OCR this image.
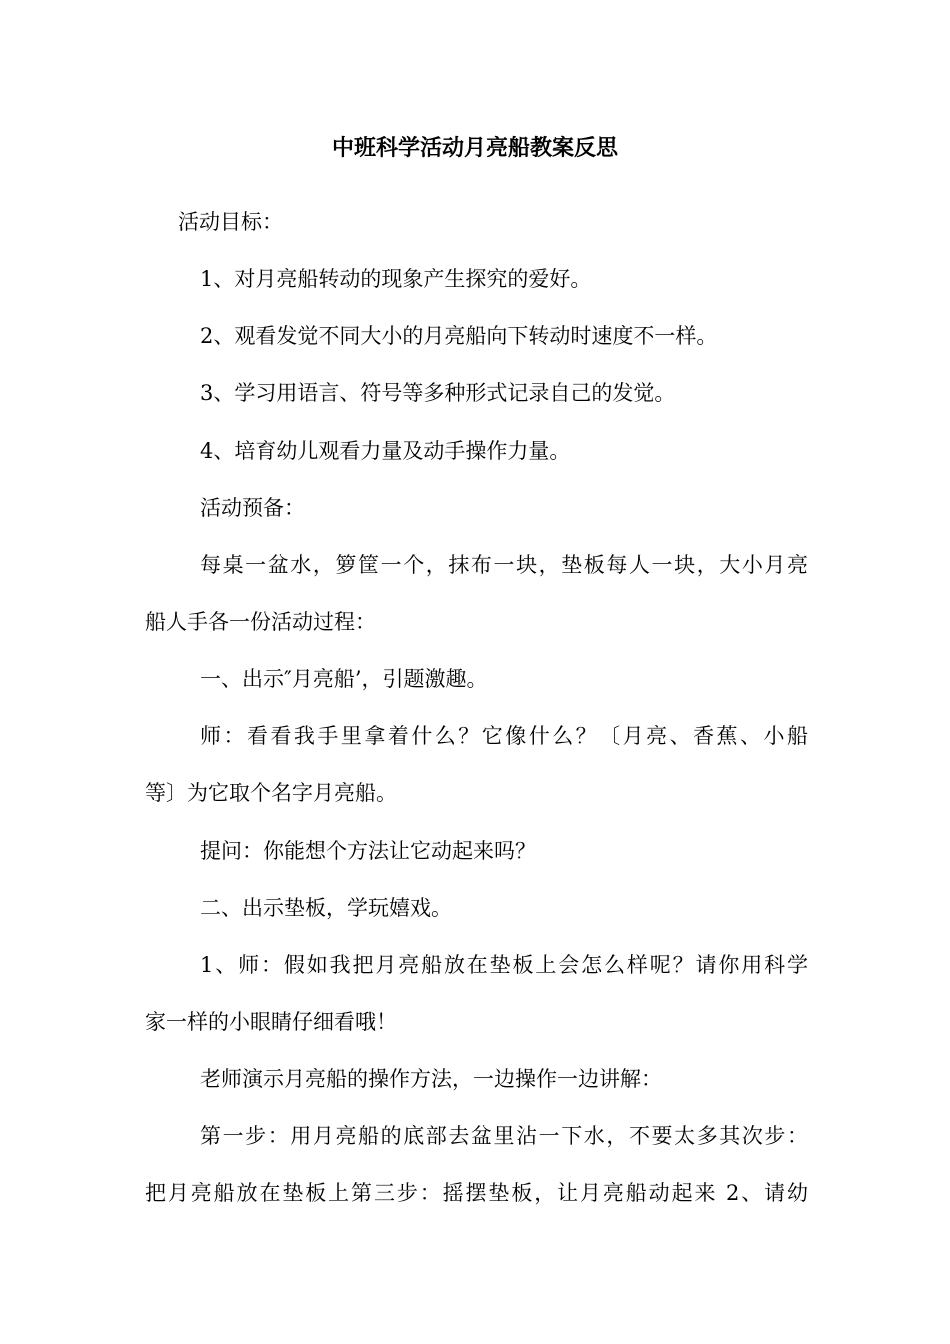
中班科学活动月亮船教案反思
活动目标：
1、对月亮船转动的现象产生探究的爱好。
2、观看发觉不同大小的月亮船向下转动时速度不一样。
3、学习用语言、符号等多种形式记录自己的发觉。
4、培育幼儿观看力量及动手操作力量。
活动预备：
每桌一盆水，箩筐一个，抹布一块，垫板每人一块，大小月亮
船人手各一份活动过程：
一、出示″月亮船’，引题激趣。
师：看看我手里拿着什么？它像什么？〔月亮、香蕉、小船
等〕为它取个名字月亮船。
提问：你能想个方法让它动起来吗？
二、出示垫板，学玩嬉戏。
1、师：假如我把月亮船放在垫板上会怎么样呢？请你用科学
家一样的小眼睛仔细看哦！
老师演示月亮船的操作方法，一边操作一边讲解：
第一步：用月亮船的底部去盆里沾一下水，不要太多其次步：
把月亮船放在垫板上第三步：摇摆垫板，让月亮船动起来 2、请幼
